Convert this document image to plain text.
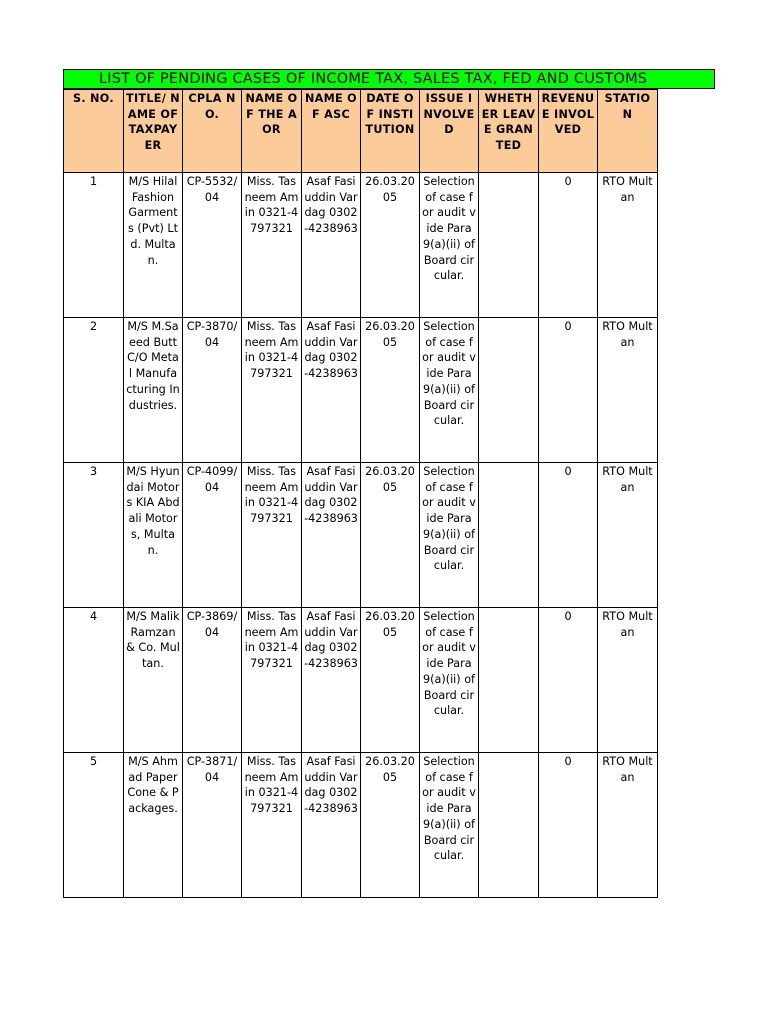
LIST OF PENDING CASES OF INCOME TAX, SALES TAX, FED AND CUSTOMS
S. NO.	TITLE/ NAME OF TAXPAYER	CPLA NO.	NAME OF THE AOR	NAME OF ASC	DATE OF INSTITUTION	ISSUE INVOLVED	WHETHER LEAVE GRANTED	REVENUE INVOLVED	STATION
1	M/S Hilal Fashion Garments (Pvt) Ltd. Multan.	CP-5532/04	Miss. Tasneem Amin 0321-4797321	Asaf Fasiuddin Vardag 0302-4238963	26.03.2005	Selection of case for audit vide Para 9(a)(ii) of Board circular.		0	RTO Multan
2	M/S M.Saeed Butt C/O Metal Manufacturing Industries.	CP-3870/04	Miss. Tasneem Amin 0321-4797321	Asaf Fasiuddin Vardag 0302-4238963	26.03.2005	Selection of case for audit vide Para 9(a)(ii) of Board circular.		0	RTO Multan
3	M/S Hyundai Motors KIA Abdali Motors, Multan.	CP-4099/04	Miss. Tasneem Amin 0321-4797321	Asaf Fasiuddin Vardag 0302-4238963	26.03.2005	Selection of case for audit vide Para 9(a)(ii) of Board circular.		0	RTO Multan
4	M/S Malik Ramzan & Co. Multan.	CP-3869/04	Miss. Tasneem Amin 0321-4797321	Asaf Fasiuddin Vardag 0302-4238963	26.03.2005	Selection of case for audit vide Para 9(a)(ii) of Board circular.		0	RTO Multan
5	M/S Ahmad Paper Cone & Packages.	CP-3871/04	Miss. Tasneem Amin 0321-4797321	Asaf Fasiuddin Vardag 0302-4238963	26.03.2005	Selection of case for audit vide Para 9(a)(ii) of Board circular.		0	RTO Multan
